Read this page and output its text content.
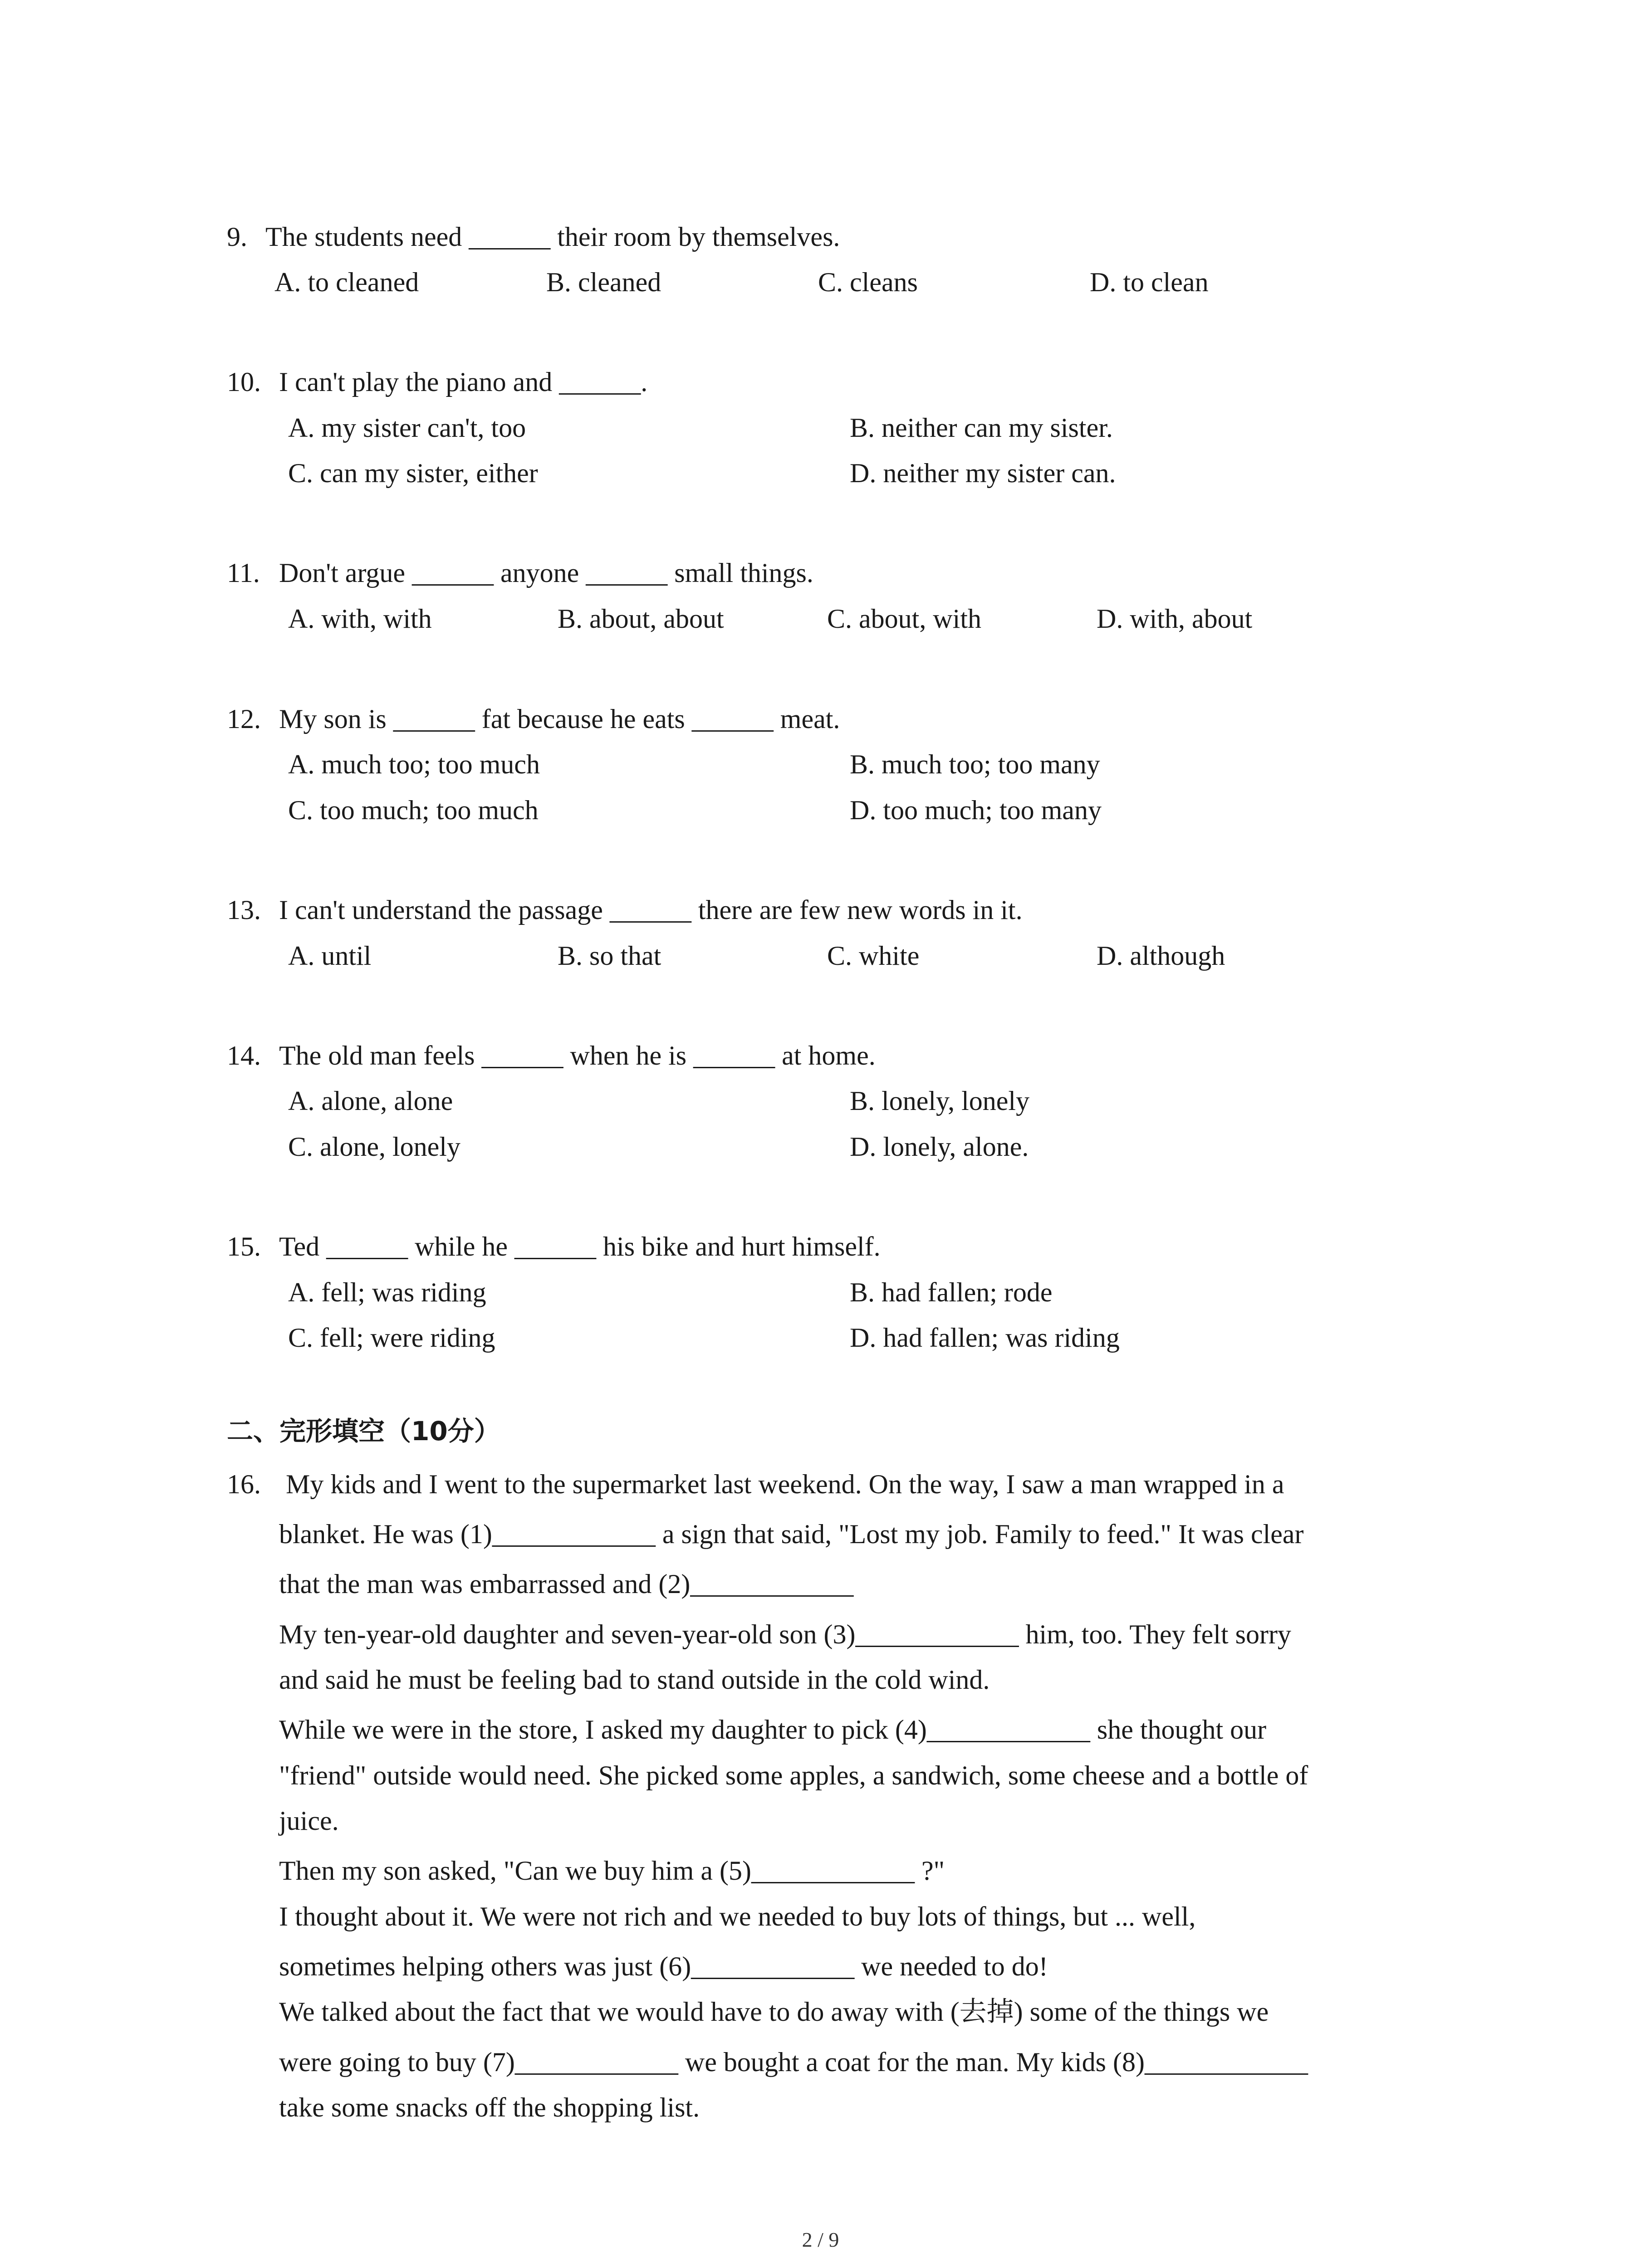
9. The students need ______ their room by themselves.
A. to cleaned	B. cleaned	C. cleans	D. to clean
10. I can't play the piano and ______.
A. my sister can't, too	B. neither can my sister.
C. can my sister, either	D. neither my sister can.
11. Don't argue ______ anyone ______ small things.
A. with, with	B. about, about	C. about, with	D. with, about
12. My son is ______ fat because he eats ______ meat.
A. much too; too much	B. much too; too many
C. too much; too much	D. too much; too many
13. I can't understand the passage ______ there are few new words in it.
A. until	B. so that	C. white	D. although
14. The old man feels ______ when he is ______ at home.
A. alone, alone	B. lonely, lonely
C. alone, lonely	D. lonely, alone.
15. Ted ______ while he ______ his bike and hurt himself.
A. fell; was riding	B. had fallen; rode
C. fell; were riding	D. had fallen; was riding
二、完形填空（10分）
16. My kids and I went to the supermarket last weekend. On the way, I saw a man wrapped in a
blanket. He was (1)____________ a sign that said, "Lost my job. Family to feed." It was clear
that the man was embarrassed and (2)____________
My ten-year-old daughter and seven-year-old son (3)____________ him, too. They felt sorry
and said he must be feeling bad to stand outside in the cold wind.
While we were in the store, I asked my daughter to pick (4)____________ she thought our
"friend" outside would need. She picked some apples, a sandwich, some cheese and a bottle of
juice.
Then my son asked, "Can we buy him a (5)____________ ?"
I thought about it. We were not rich and we needed to buy lots of things, but ... well,
sometimes helping others was just (6)____________ we needed to do!
We talked about the fact that we would have to do away with (去掉) some of the things we
were going to buy (7)____________ we bought a coat for the man. My kids (8)____________
take some snacks off the shopping list.
2 / 9
